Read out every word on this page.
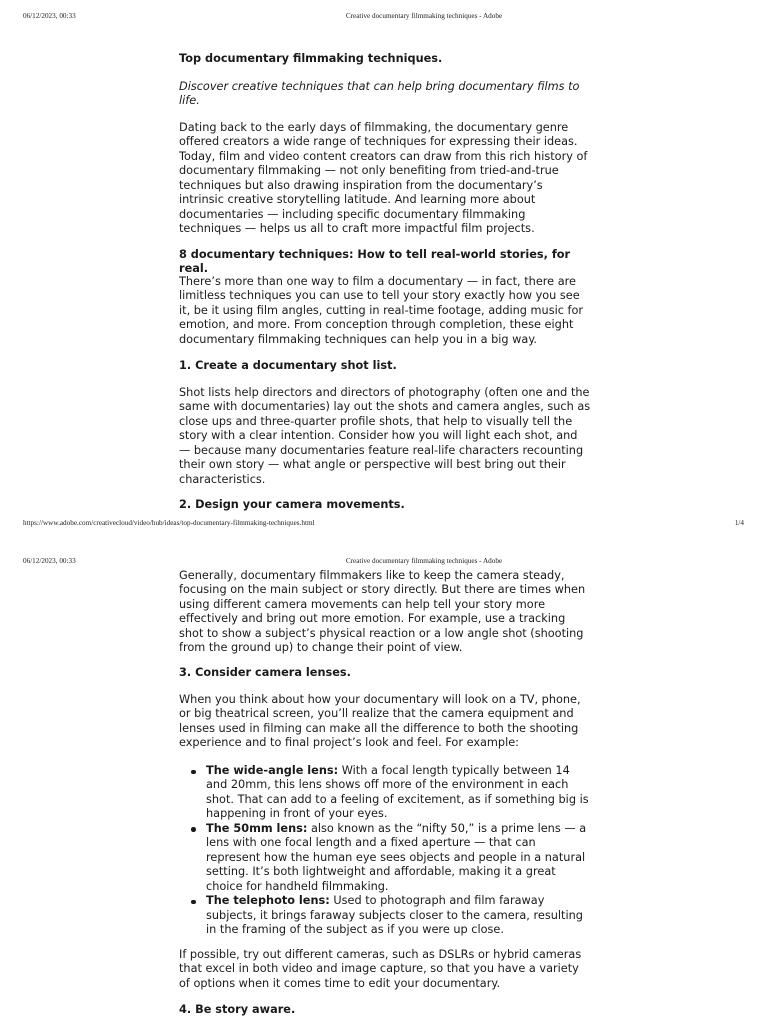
06/12/2023, 00:33	Creative documentary filmmaking techniques - Adobe
Top documentary filmmaking techniques.

Discover creative techniques that can help bring documentary films to life.

Dating back to the early days of filmmaking, the documentary genre offered creators a wide range of techniques for expressing their ideas. Today, film and video content creators can draw from this rich history of documentary filmmaking — not only benefiting from tried-and-true techniques but also drawing inspiration from the documentary’s intrinsic creative storytelling latitude. And learning more about documentaries — including specific documentary filmmaking techniques — helps us all to craft more impactful film projects.

8 documentary techniques: How to tell real-world stories, for real.

There’s more than one way to film a documentary — in fact, there are limitless techniques you can use to tell your story exactly how you see it, be it using film angles, cutting in real-time footage, adding music for emotion, and more. From conception through completion, these eight documentary filmmaking techniques can help you in a big way.

1. Create a documentary shot list.

Shot lists help directors and directors of photography (often one and the same with documentaries) lay out the shots and camera angles, such as close ups and three-quarter profile shots, that help to visually tell the story with a clear intention. Consider how you will light each shot, and — because many documentaries feature real-life characters recounting their own story — what angle or perspective will best bring out their characteristics.

2. Design your camera movements.
https://www.adobe.com/creativecloud/video/hub/ideas/top-documentary-filmmaking-techniques.html	1/4
06/12/2023, 00:33	Creative documentary filmmaking techniques - Adobe

Generally, documentary filmmakers like to keep the camera steady, focusing on the main subject or story directly. But there are times when using different camera movements can help tell your story more effectively and bring out more emotion. For example, use a tracking shot to show a subject’s physical reaction or a low angle shot (shooting from the ground up) to change their point of view.

3. Consider camera lenses.

When you think about how your documentary will look on a TV, phone, or big theatrical screen, you’ll realize that the camera equipment and lenses used in filming can make all the difference to both the shooting experience and to final project’s look and feel. For example:

The wide-angle lens: With a focal length typically between 14 and 20mm, this lens shows off more of the environment in each shot. That can add to a feeling of excitement, as if something big is happening in front of your eyes.
The 50mm lens: also known as the “nifty 50,” is a prime lens — a lens with one focal length and a fixed aperture — that can represent how the human eye sees objects and people in a natural setting. It’s both lightweight and affordable, making it a great choice for handheld filmmaking.
The telephoto lens: Used to photograph and film faraway subjects, it brings faraway subjects closer to the camera, resulting in the framing of the subject as if you were up close.

If possible, try out different cameras, such as DSLRs or hybrid cameras that excel in both video and image capture, so that you have a variety of options when it comes time to edit your documentary.

4. Be story aware.
